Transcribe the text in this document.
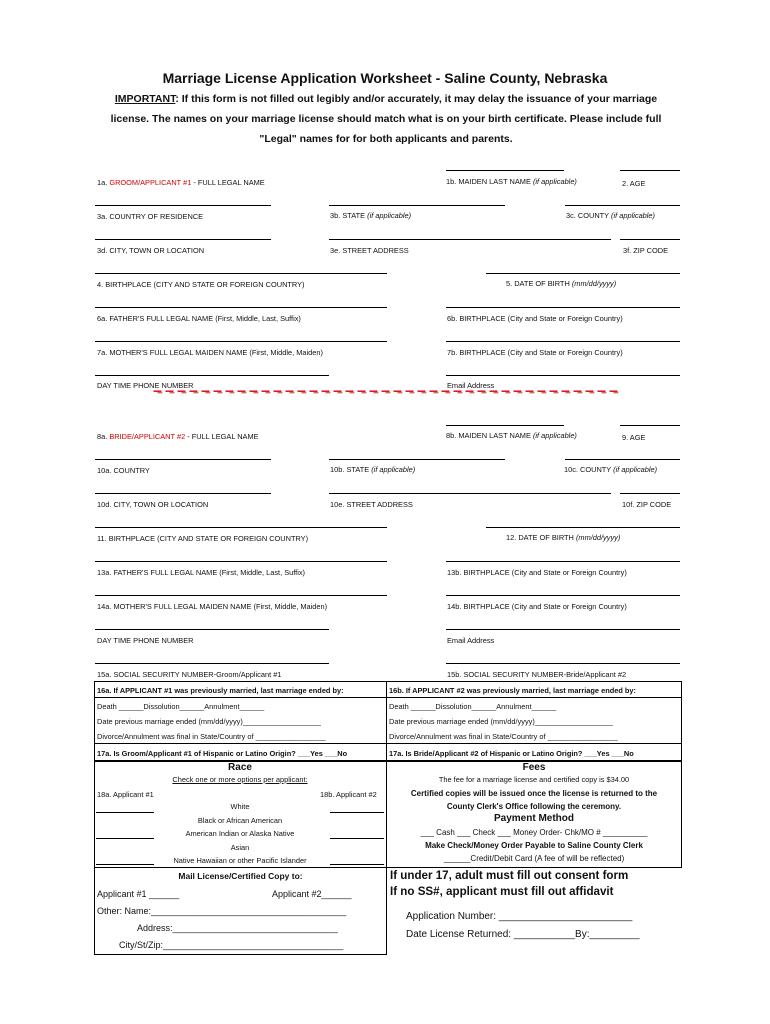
Marriage License Application Worksheet - Saline County, Nebraska
IMPORTANT: If this form is not filled out legibly and/or accurately, it may delay the issuance of your marriage license. The names on your marriage license should match what is on your birth certificate. Please include full "Legal" names for for both applicants and parents.
1a. GROOM/APPLICANT #1 - FULL LEGAL NAME	1b. MAIDEN LAST NAME (if applicable)	2. AGE
3a. COUNTRY OF RESIDENCE	3b. STATE (if applicable)	3c. COUNTY (if applicable)
3d. CITY, TOWN OR LOCATION	3e. STREET ADDRESS	3f. ZIP CODE
4. BIRTHPLACE (CITY AND STATE OR FOREIGN COUNTRY)	5. DATE OF BIRTH (mm/dd/yyyy)
6a. FATHER'S FULL LEGAL NAME (First, Middle, Last, Suffix)	6b. BIRTHPLACE (City and State or Foreign Country)
7a. MOTHER'S FULL LEGAL MAIDEN NAME (First, Middle, Maiden)	7b. BIRTHPLACE (City and State or Foreign Country)
DAY TIME PHONE NUMBER	Email Address
8a. BRIDE/APPLICANT #2 - FULL LEGAL NAME	8b. MAIDEN LAST NAME (if applicable)	9. AGE
10a. COUNTRY	10b. STATE (if applicable)	10c. COUNTY (if applicable)
10d. CITY, TOWN OR LOCATION	10e. STREET ADDRESS	10f. ZIP CODE
11. BIRTHPLACE (CITY AND STATE OR FOREIGN COUNTRY)	12. DATE OF BIRTH (mm/dd/yyyy)
13a. FATHER'S FULL LEGAL NAME (First, Middle, Last, Suffix)	13b. BIRTHPLACE (City and State or Foreign Country)
14a. MOTHER'S FULL LEGAL MAIDEN NAME (First, Middle, Maiden)	14b. BIRTHPLACE (City and State or Foreign Country)
DAY TIME PHONE NUMBER	Email Address
15a. SOCIAL SECURITY NUMBER-Groom/Applicant #1	15b. SOCIAL SECURITY NUMBER-Bride/Applicant #2
16a. If APPLICANT #1 was previously married, last marriage ended by:	16b. If APPLICANT #2 was previously married, last marriage ended by:
Death ______Dissolution______Annulment______	Death ______Dissolution______Annulment______
Date previous marriage ended (mm/dd/yyyy)___________________	Date previous marriage ended (mm/dd/yyyy)___________________
Divorce/Annulment was final in State/Country of _________________	Divorce/Annulment was final in State/Country of _________________
17a. Is Groom/Applicant #1 of Hispanic or Latino Origin? ___Yes ___No	17a. Is Bride/Applicant #2 of Hispanic or Latino Origin? ___Yes ___No
Race
Check one or more options per applicant:
18a. Applicant #1	18b. Applicant #2
White
Black or African American
American Indian or Alaska Native
Asian
Native Hawaiian or other Pacific Islander
Fees
The fee for a marriage license and certified copy is $34.00
Certified copies will be issued once the license is returned to the
County Clerk's Office following the ceremony.
Payment Method
___ Cash ___ Check ___ Money Order- Chk/MO # __________
Make Check/Money Order Payable to Saline County Clerk
______Credit/Debit Card (A fee of will be reflected)
Mail License/Certified Copy to:
Applicant #1 ______	Applicant #2______
Other: Name:_______________________________________
Address:_________________________________
City/St/Zip:____________________________________
If under 17, adult must fill out consent form
If no SS#, applicant must fill out affidavit
Application Number: ________________________
Date License Returned: ___________By:_________
